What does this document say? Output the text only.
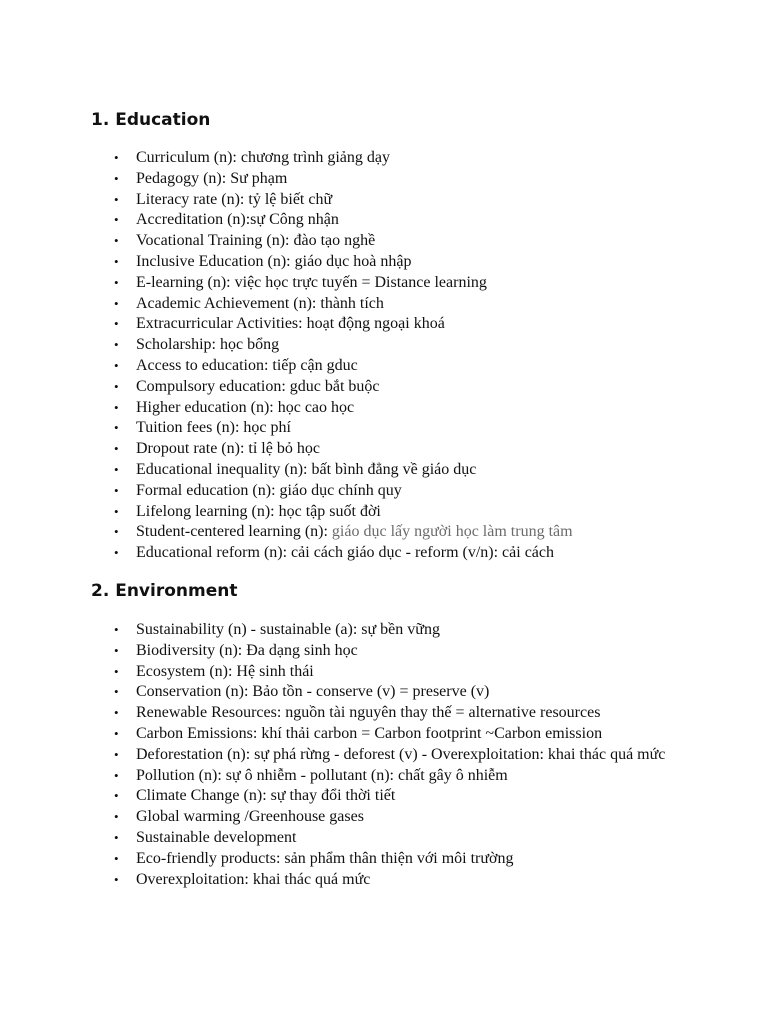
1. Education
• Curriculum (n): chương trình giảng dạy
• Pedagogy (n): Sư phạm
• Literacy rate (n): tỷ lệ biết chữ
• Accreditation (n):sự Công nhận
• Vocational Training (n): đào tạo nghề
• Inclusive Education (n): giáo dục hoà nhập
• E-learning (n): việc học trực tuyến = Distance learning
• Academic Achievement (n): thành tích
• Extracurricular Activities: hoạt động ngoại khoá
• Scholarship: học bổng
• Access to education: tiếp cận gduc
• Compulsory education: gduc bắt buộc
• Higher education (n): học cao học
• Tuition fees (n): học phí
• Dropout rate (n): tỉ lệ bỏ học
• Educational inequality (n): bất bình đẳng về giáo dục
• Formal education (n): giáo dục chính quy
• Lifelong learning (n): học tập suốt đời
• Student-centered learning (n): giáo dục lấy người học làm trung tâm
• Educational reform (n): cải cách giáo dục - reform (v/n): cải cách
2. Environment
• Sustainability (n) - sustainable (a): sự bền vững
• Biodiversity (n): Đa dạng sinh học
• Ecosystem (n): Hệ sinh thái
• Conservation (n): Bảo tồn - conserve (v) = preserve (v)
• Renewable Resources: nguồn tài nguyên thay thế = alternative resources
• Carbon Emissions: khí thải carbon = Carbon footprint ~Carbon emission
• Deforestation (n): sự phá rừng - deforest (v) - Overexploitation: khai thác quá mức
• Pollution (n): sự ô nhiễm - pollutant (n): chất gây ô nhiễm
• Climate Change (n): sự thay đổi thời tiết
• Global warming /Greenhouse gases
• Sustainable development
• Eco-friendly products: sản phẩm thân thiện với môi trường
• Overexploitation: khai thác quá mức
